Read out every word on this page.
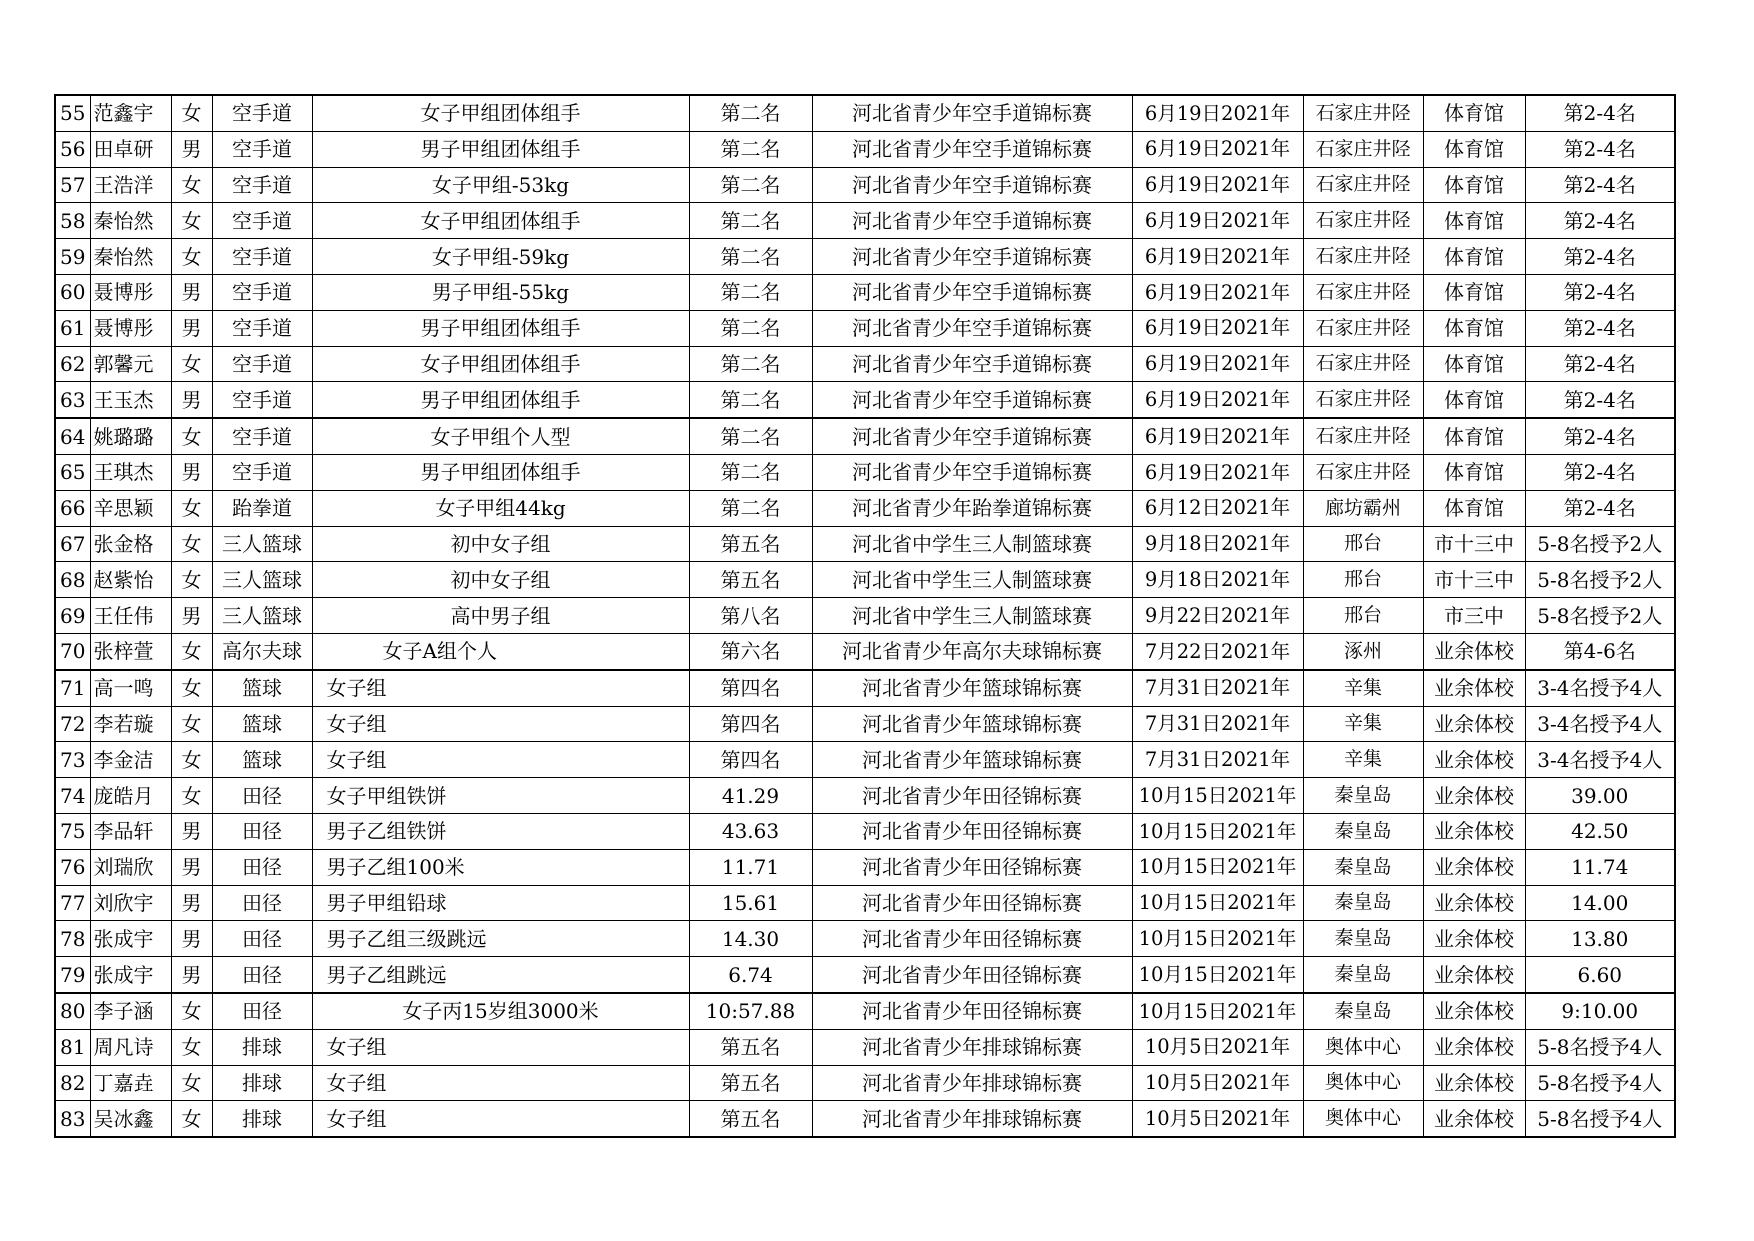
55	范鑫宇	女	空手道	女子甲组团体组手	第二名	河北省青少年空手道锦标赛	6月19日2021年	石家庄井陉	体育馆	第2-4名
56	田卓研	男	空手道	男子甲组团体组手	第二名	河北省青少年空手道锦标赛	6月19日2021年	石家庄井陉	体育馆	第2-4名
57	王浩洋	女	空手道	女子甲组-53kg	第二名	河北省青少年空手道锦标赛	6月19日2021年	石家庄井陉	体育馆	第2-4名
58	秦怡然	女	空手道	女子甲组团体组手	第二名	河北省青少年空手道锦标赛	6月19日2021年	石家庄井陉	体育馆	第2-4名
59	秦怡然	女	空手道	女子甲组-59kg	第二名	河北省青少年空手道锦标赛	6月19日2021年	石家庄井陉	体育馆	第2-4名
60	聂博彤	男	空手道	男子甲组-55kg	第二名	河北省青少年空手道锦标赛	6月19日2021年	石家庄井陉	体育馆	第2-4名
61	聂博彤	男	空手道	男子甲组团体组手	第二名	河北省青少年空手道锦标赛	6月19日2021年	石家庄井陉	体育馆	第2-4名
62	郭馨元	女	空手道	女子甲组团体组手	第二名	河北省青少年空手道锦标赛	6月19日2021年	石家庄井陉	体育馆	第2-4名
63	王玉杰	男	空手道	男子甲组团体组手	第二名	河北省青少年空手道锦标赛	6月19日2021年	石家庄井陉	体育馆	第2-4名
64	姚璐璐	女	空手道	女子甲组个人型	第二名	河北省青少年空手道锦标赛	6月19日2021年	石家庄井陉	体育馆	第2-4名
65	王琪杰	男	空手道	男子甲组团体组手	第二名	河北省青少年空手道锦标赛	6月19日2021年	石家庄井陉	体育馆	第2-4名
66	辛思颖	女	跆拳道	女子甲组44kg	第二名	河北省青少年跆拳道锦标赛	6月12日2021年	廊坊霸州	体育馆	第2-4名
67	张金格	女	三人篮球	初中女子组	第五名	河北省中学生三人制篮球赛	9月18日2021年	邢台	市十三中	5-8名授予2人
68	赵紫怡	女	三人篮球	初中女子组	第五名	河北省中学生三人制篮球赛	9月18日2021年	邢台	市十三中	5-8名授予2人
69	王任伟	男	三人篮球	高中男子组	第八名	河北省中学生三人制篮球赛	9月22日2021年	邢台	市三中	5-8名授予2人
70	张梓萱	女	高尔夫球	女子A组个人	第六名	河北省青少年高尔夫球锦标赛	7月22日2021年	涿州	业余体校	第4-6名
71	高一鸣	女	篮球	女子组	第四名	河北省青少年篮球锦标赛	7月31日2021年	辛集	业余体校	3-4名授予4人
72	李若璇	女	篮球	女子组	第四名	河北省青少年篮球锦标赛	7月31日2021年	辛集	业余体校	3-4名授予4人
73	李金洁	女	篮球	女子组	第四名	河北省青少年篮球锦标赛	7月31日2021年	辛集	业余体校	3-4名授予4人
74	庞皓月	女	田径	女子甲组铁饼	41.29	河北省青少年田径锦标赛	10月15日2021年	秦皇岛	业余体校	39.00
75	李品轩	男	田径	男子乙组铁饼	43.63	河北省青少年田径锦标赛	10月15日2021年	秦皇岛	业余体校	42.50
76	刘瑞欣	男	田径	男子乙组100米	11.71	河北省青少年田径锦标赛	10月15日2021年	秦皇岛	业余体校	11.74
77	刘欣宇	男	田径	男子甲组铅球	15.61	河北省青少年田径锦标赛	10月15日2021年	秦皇岛	业余体校	14.00
78	张成宇	男	田径	男子乙组三级跳远	14.30	河北省青少年田径锦标赛	10月15日2021年	秦皇岛	业余体校	13.80
79	张成宇	男	田径	男子乙组跳远	6.74	河北省青少年田径锦标赛	10月15日2021年	秦皇岛	业余体校	6.60
80	李子涵	女	田径	女子丙15岁组3000米	10:57.88	河北省青少年田径锦标赛	10月15日2021年	秦皇岛	业余体校	9:10.00
81	周凡诗	女	排球	女子组	第五名	河北省青少年排球锦标赛	10月5日2021年	奥体中心	业余体校	5-8名授予4人
82	丁嘉垚	女	排球	女子组	第五名	河北省青少年排球锦标赛	10月5日2021年	奥体中心	业余体校	5-8名授予4人
83	吴冰鑫	女	排球	女子组	第五名	河北省青少年排球锦标赛	10月5日2021年	奥体中心	业余体校	5-8名授予4人
